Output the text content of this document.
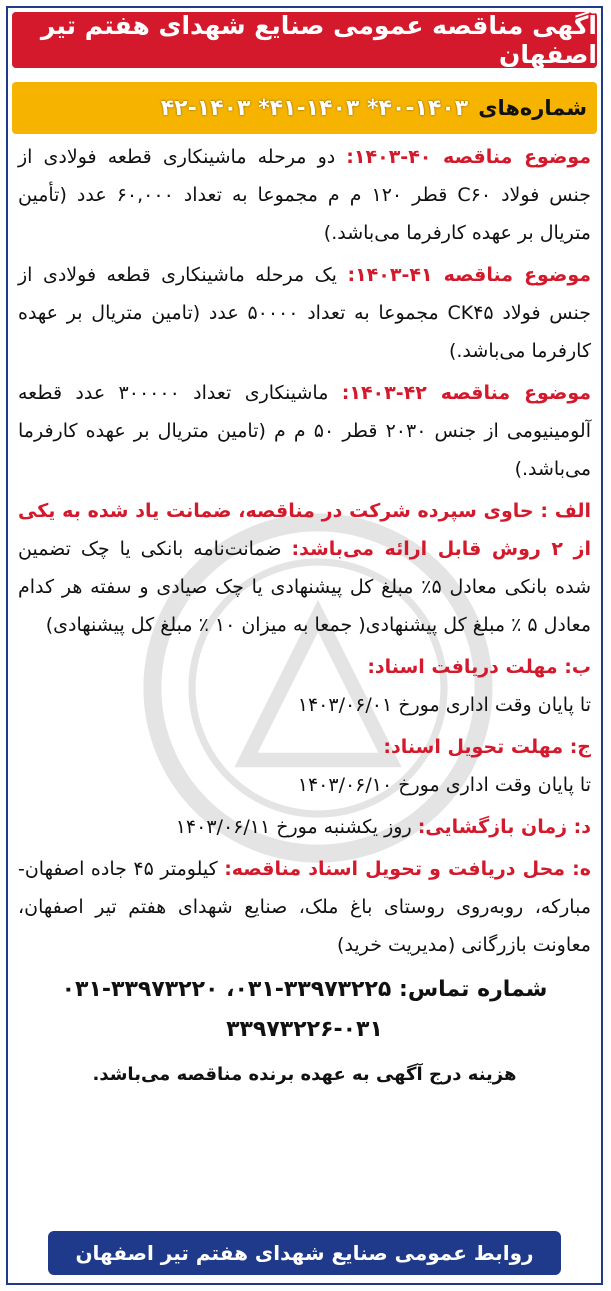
آگهی مناقصه عمومی صنایع شهدای هفتم تیر اصفهان
شماره‌های
۴۰-۱۴۰۳* ۴۱-۱۴۰۳* ۴۲-۱۴۰۳

موضوع مناقصه ۴۰-۱۴۰۳: دو مرحله ماشینکاری قطعه فولادی از جنس فولاد C۶۰ قطر ۱۲۰ م م مجموعا به تعداد ۶۰,۰۰۰ عدد (تأمین متریال بر عهده کارفرما می‌باشد.)

موضوع مناقصه ۴۱-۱۴۰۳: یک مرحله ماشینکاری قطعه فولادی از جنس فولاد CK۴۵ مجموعا به تعداد ۵۰۰۰۰ عدد (تامین متریال بر عهده کارفرما می‌باشد.)

موضوع مناقصه ۴۲-۱۴۰۳: ماشینکاری تعداد ۳۰۰۰۰۰ عدد قطعه آلومینیومی از جنس ۲۰۳۰ قطر ۵۰ م م (تامین متریال بر عهده کارفرما می‌باشد.)

الف : حاوی سپرده شرکت در مناقصه، ضمانت یاد شده به یکی از ۲ روش قابل ارائه می‌باشد: ضمانت‌نامه بانکی یا چک تضمین شده بانکی معادل ۵٪ مبلغ کل پیشنهادی یا چک صیادی و سفته هر کدام معادل ۵ ٪ مبلغ کل پیشنهادی( جمعا به میزان ۱۰ ٪ مبلغ کل پیشنهادی)

ب: مهلت دریافت اسناد:
تا پایان وقت اداری مورخ ۱۴۰۳/۰۶/۰۱

ج: مهلت تحویل اسناد:
تا پایان وقت اداری مورخ ۱۴۰۳/۰۶/۱۰

د: زمان بازگشایی: روز یکشنبه مورخ ۱۴۰۳/۰۶/۱۱

ه: محل دریافت و تحویل اسناد مناقصه: کیلومتر ۴۵ جاده اصفهان-مبارکه، روبه‌روی روستای باغ ملک، صنایع شهدای هفتم تیر اصفهان، معاونت بازرگانی (مدیریت خرید)

شماره تماس: ۳۳۹۷۳۲۲۵-۰۳۱، ۳۳۹۷۳۲۲۰-۰۳۱
۳۳۹۷۳۲۲۶-۰۳۱
هزینه درج آگهی به عهده برنده مناقصه می‌باشد.
روابط عمومی صنایع شهدای هفتم تیر اصفهان
